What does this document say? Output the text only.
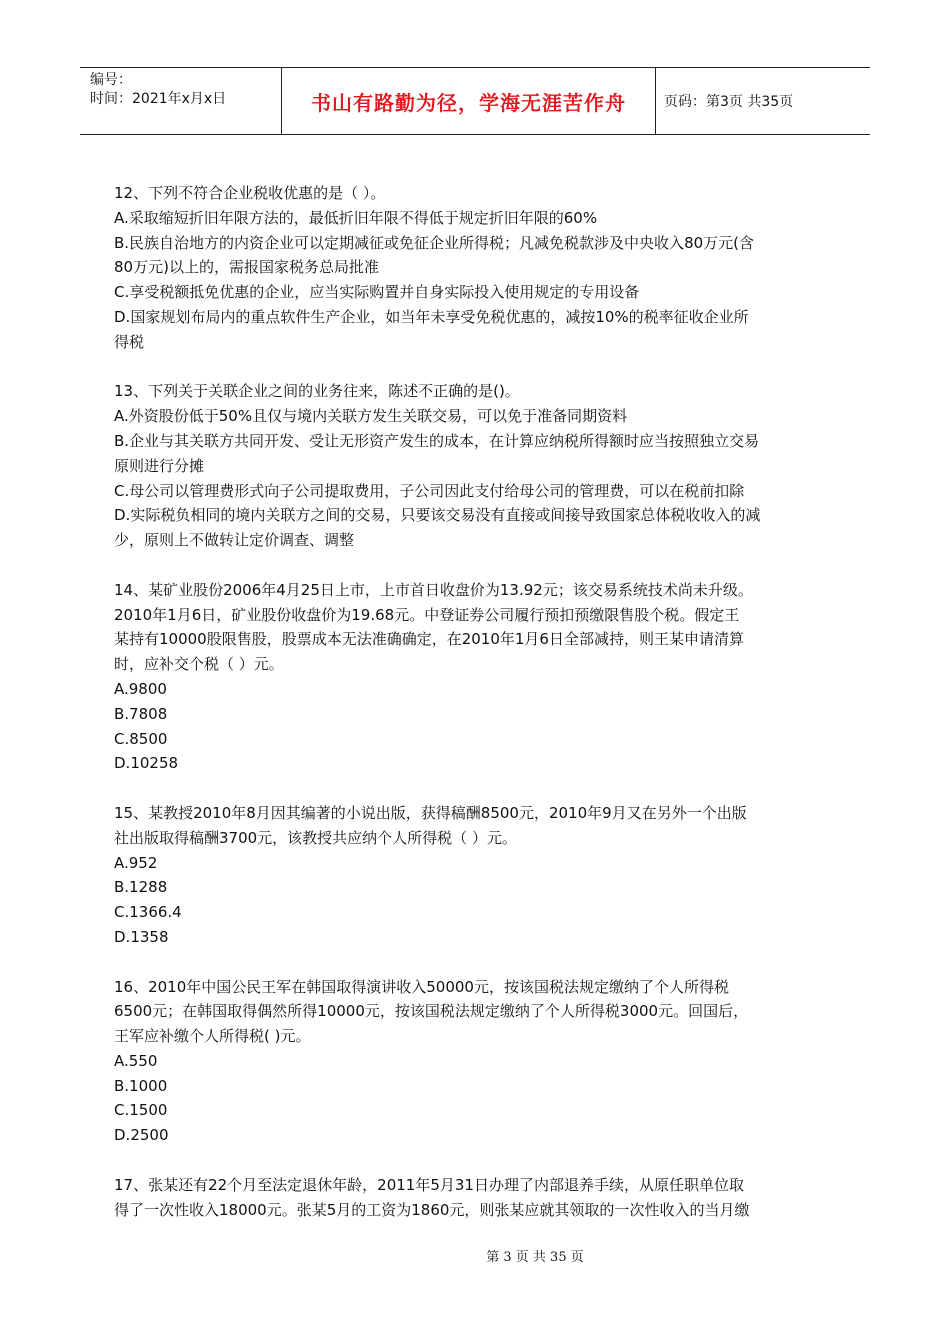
编号：
时间：2021年x月x日	书山有路勤为径，学海无涯苦作舟	页码：第3页 共35页
12、下列不符合企业税收优惠的是（ ）。
A.采取缩短折旧年限方法的，最低折旧年限不得低于规定折旧年限的60%
B.民族自治地方的内资企业可以定期减征或免征企业所得税；凡减免税款涉及中央收入80万元(含
80万元)以上的，需报国家税务总局批准
C.享受税额抵免优惠的企业，应当实际购置并自身实际投入使用规定的专用设备
D.国家规划布局内的重点软件生产企业，如当年未享受免税优惠的，减按10%的税率征收企业所
得税
13、下列关于关联企业之间的业务往来，陈述不正确的是()。
A.外资股份低于50%且仅与境内关联方发生关联交易，可以免于准备同期资料
B.企业与其关联方共同开发、受让无形资产发生的成本，在计算应纳税所得额时应当按照独立交易
原则进行分摊
C.母公司以管理费形式向子公司提取费用，子公司因此支付给母公司的管理费，可以在税前扣除
D.实际税负相同的境内关联方之间的交易，只要该交易没有直接或间接导致国家总体税收收入的减
少，原则上不做转让定价调查、调整
14、某矿业股份2006年4月25日上市，上市首日收盘价为13.92元；该交易系统技术尚未升级。
2010年1月6日，矿业股份收盘价为19.68元。中登证券公司履行预扣预缴限售股个税。假定王
某持有10000股限售股，股票成本无法准确确定，在2010年1月6日全部减持，则王某申请清算
时，应补交个税（ ）元。
A.9800
B.7808
C.8500
D.10258
15、某教授2010年8月因其编著的小说出版，获得稿酬8500元，2010年9月又在另外一个出版
社出版取得稿酬3700元，该教授共应纳个人所得税（ ）元。
A.952
B.1288
C.1366.4
D.1358
16、2010年中国公民王军在韩国取得演讲收入50000元，按该国税法规定缴纳了个人所得税
6500元；在韩国取得偶然所得10000元，按该国税法规定缴纳了个人所得税3000元。回国后，
王军应补缴个人所得税( )元。
A.550
B.1000
C.1500
D.2500
17、张某还有22个月至法定退休年龄，2011年5月31日办理了内部退养手续，从原任职单位取
得了一次性收入18000元。张某5月的工资为1860元，则张某应就其领取的一次性收入的当月缴
第 3 页 共 35 页
